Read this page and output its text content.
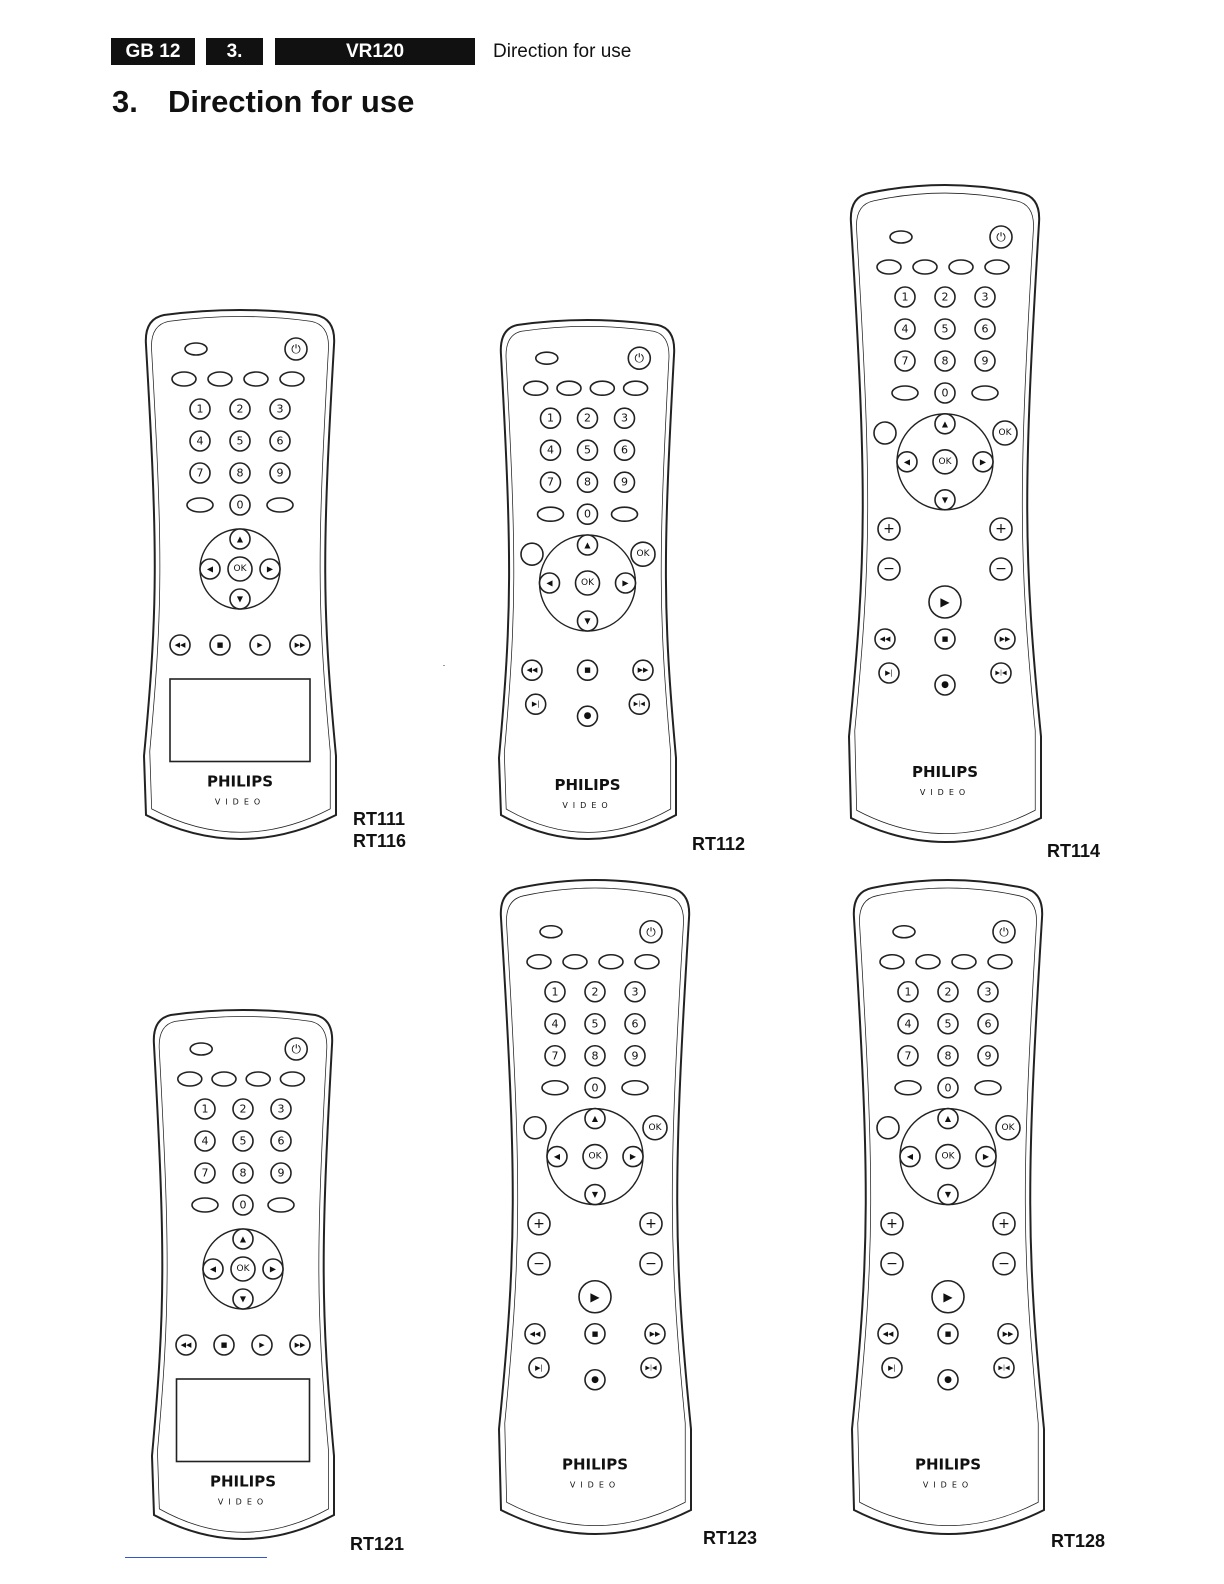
GB 12	3.	VR120	Direction for use
3. Direction for use
⏻
1	2	3
4	5	6
7	8	9
0
OK
▲
▼
◀	▶
◀◀	■	▶	▶▶
PHILIPS
VIDEO
⏻
1	2	3
4	5	6
7	8	9
0
OK
▲
▼
◀	▶
OK
◀◀	■	▶▶
▶|	▶|◀
●
PHILIPS
VIDEO
⏻
1	2	3
4	5	6
7	8	9
0
OK
▲
▼
◀	▶
OK
+	+
−	−
▶
◀◀	■	▶▶
▶|	▶|◀
●
PHILIPS
VIDEO
⏻
1	2	3
4	5	6
7	8	9
0
OK
▲
▼
◀	▶
◀◀	■	▶	▶▶
PHILIPS
VIDEO
⏻
1	2	3
4	5	6
7	8	9
0
OK
▲
▼
◀	▶
OK
+	+
−	−
▶
◀◀	■	▶▶
▶|	▶|◀
●
PHILIPS
VIDEO
⏻
1	2	3
4	5	6
7	8	9
0
OK
▲
▼
◀	▶
OK
+	+
−	−
▶
◀◀	■	▶▶
▶|	▶|◀
●
PHILIPS
VIDEO
RT111
RT116	RT112	RT114
RT121	RT123	RT128
